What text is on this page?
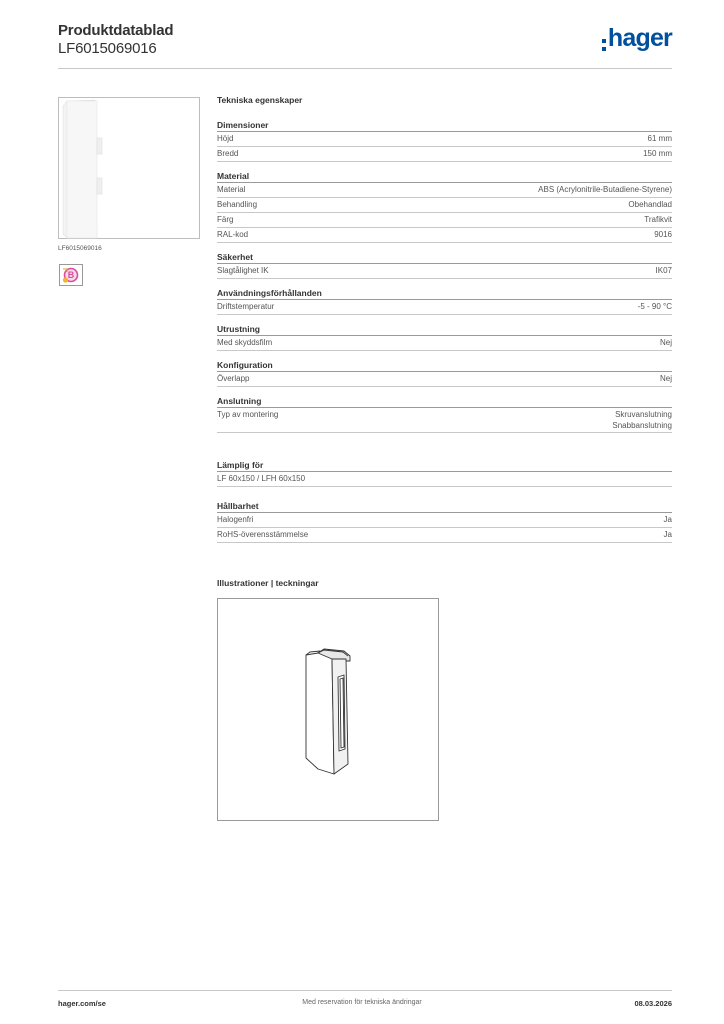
Produktdatablad
LF6015069016	hager
LF6015069016
B
Tekniska egenskaper
Dimensioner
Höjd	61 mm
Bredd	150 mm
Material
Material	ABS (Acrylonitrile-Butadiene-Styrene)
Behandling	Obehandlad
Färg	Trafikvit
RAL-kod	9016
Säkerhet
Slagtålighet IK	IK07
Användningsförhållanden
Driftstemperatur	-5 - 90 °C
Utrustning
Med skyddsfilm	Nej
Konfiguration
Överlapp	Nej
Anslutning
Typ av montering	Skruvanslutning
Snabbanslutning
Lämplig för
LF 60x150 / LFH 60x150
Hållbarhet
Halogenfri	Ja
RoHS-överensstämmelse	Ja
Illustrationer | teckningar
hager.com/se	Med reservation för tekniska ändringar	08.03.2026
